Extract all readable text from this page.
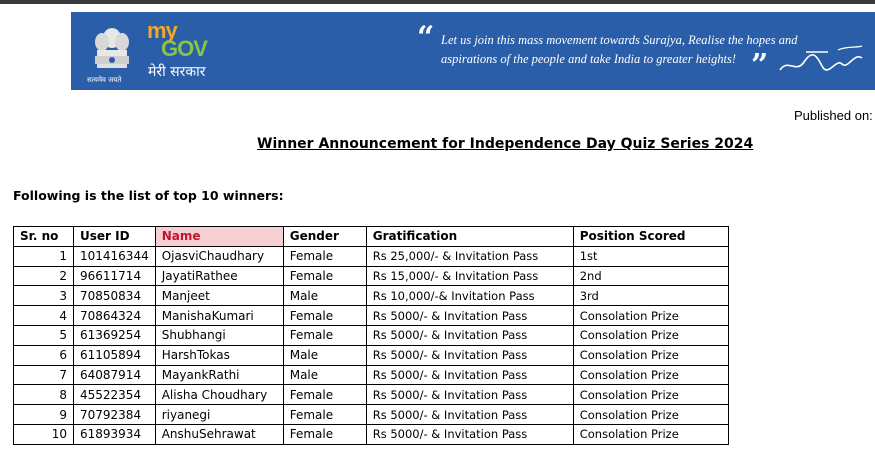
सत्यमेव जयते
my
GOV
मेरी सरकार
“ Let us join this mass movement towards Surajya, Realise the hopes and
aspirations of the people and take India to greater heights! ”
Published on:
Winner Announcement for Independence Day Quiz Series 2024
Following is the list of top 10 winners:
Sr. no	User ID	Name	Gender	Gratification	Position Scored
1	101416344	OjasviChaudhary	Female	Rs 25,000/- & Invitation Pass	1st
2	96611714	JayatiRathee	Female	Rs 15,000/- & Invitation Pass	2nd
3	70850834	Manjeet	Male	Rs 10,000/-& Invitation Pass	3rd
4	70864324	ManishaKumari	Female	Rs 5000/- & Invitation Pass	Consolation Prize
5	61369254	Shubhangi	Female	Rs 5000/- & Invitation Pass	Consolation Prize
6	61105894	HarshTokas	Male	Rs 5000/- & Invitation Pass	Consolation Prize
7	64087914	MayankRathi	Male	Rs 5000/- & Invitation Pass	Consolation Prize
8	45522354	Alisha Choudhary	Female	Rs 5000/- & Invitation Pass	Consolation Prize
9	70792384	riyanegi	Female	Rs 5000/- & Invitation Pass	Consolation Prize
10	61893934	AnshuSehrawat	Female	Rs 5000/- & Invitation Pass	Consolation Prize
